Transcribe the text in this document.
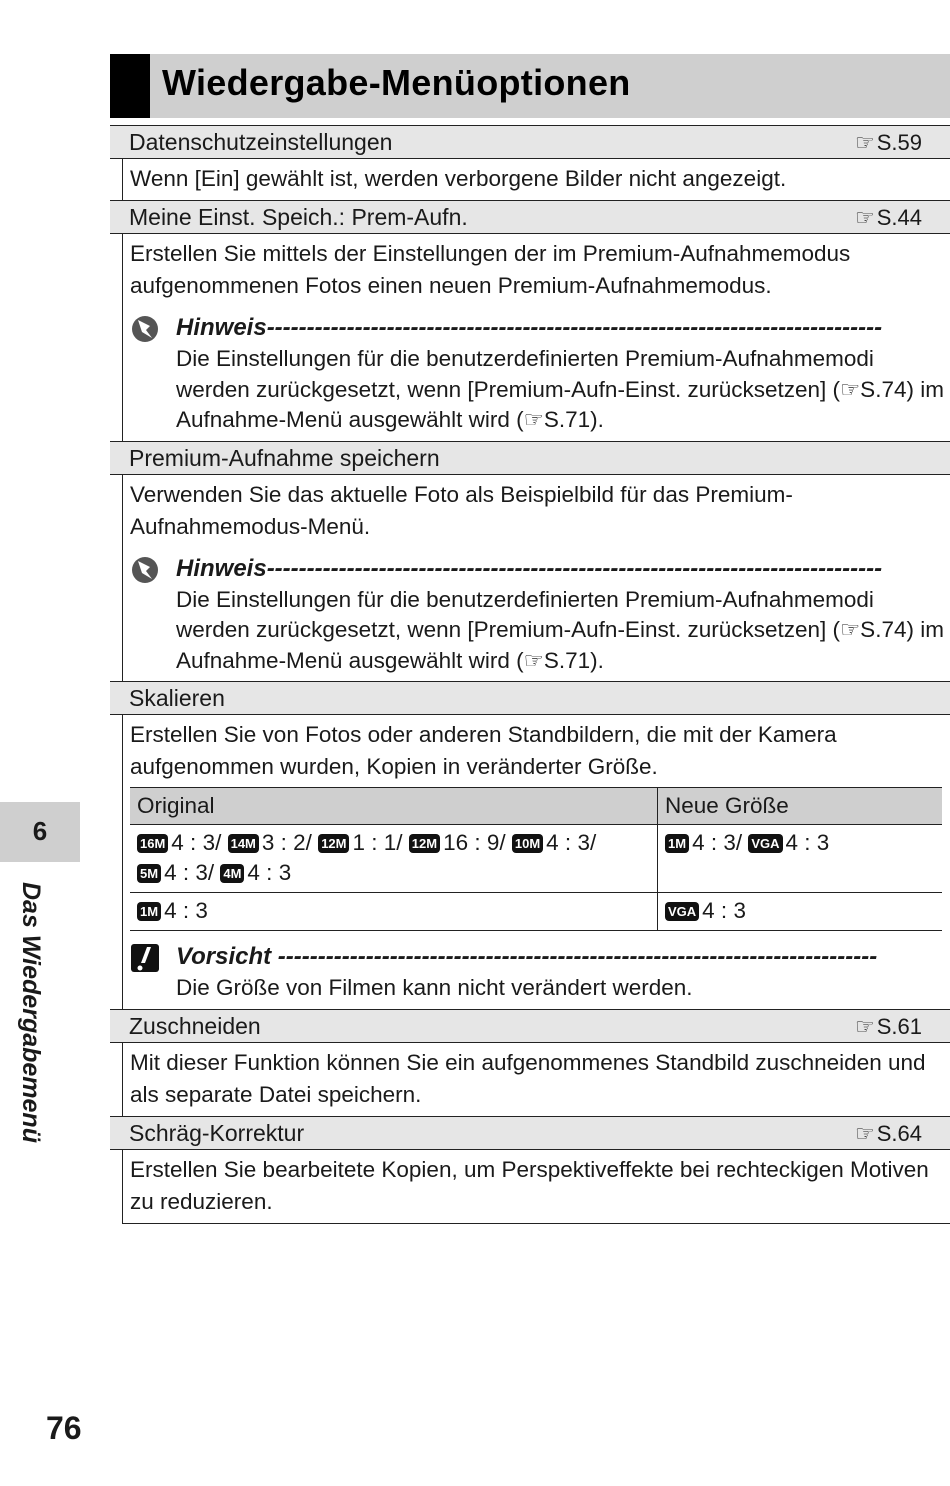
Wiedergabe-Menüoptionen
Datenschutzeinstellungen	☞S.59
Wenn [Ein] gewählt ist, werden verborgene Bilder nicht angezeigt.
Meine Einst. Speich.: Prem-Aufn.	☞S.44
Erstellen Sie mittels der Einstellungen der im Premium-Aufnahmemodus aufgenommenen Fotos einen neuen Premium-Aufnahmemodus.
Hinweis-----------------------------------------------------------------------------
Die Einstellungen für die benutzerdefinierten Premium-Aufnahmemodi werden zurückgesetzt, wenn [Premium-Aufn-Einst. zurücksetzen] (☞S.74) im Aufnahme-Menü ausgewählt wird (☞S.71).
Premium-Aufnahme speichern
Verwenden Sie das aktuelle Foto als Beispielbild für das Premium-Aufnahmemodus-Menü.
Hinweis-----------------------------------------------------------------------------
Die Einstellungen für die benutzerdefinierten Premium-Aufnahmemodi werden zurückgesetzt, wenn [Premium-Aufn-Einst. zurücksetzen] (☞S.74) im Aufnahme-Menü ausgewählt wird (☞S.71).
Skalieren
Erstellen Sie von Fotos oder anderen Standbildern, die mit der Kamera aufgenommen wurden, Kopien in veränderter Größe.
Original	Neue Größe

16M 4 : 3/ 14M 3 : 2/ 12M 1 : 1/ 12M 16 : 9/ 10M 4 : 3/
5M 4 : 3/ 4M 4 : 3	1M 4 : 3/ VGA 4 : 3

1M 4 : 3	VGA 4 : 3
Vorsicht ---------------------------------------------------------------------------
Die Größe von Filmen kann nicht verändert werden.
Zuschneiden	☞S.61
Mit dieser Funktion können Sie ein aufgenommenes Standbild zuschneiden und als separate Datei speichern.
Schräg-Korrektur	☞S.64
Erstellen Sie bearbeitete Kopien, um Perspektiveffekte bei rechteckigen Motiven zu reduzieren.
6
Das Wiedergabemenü
76
